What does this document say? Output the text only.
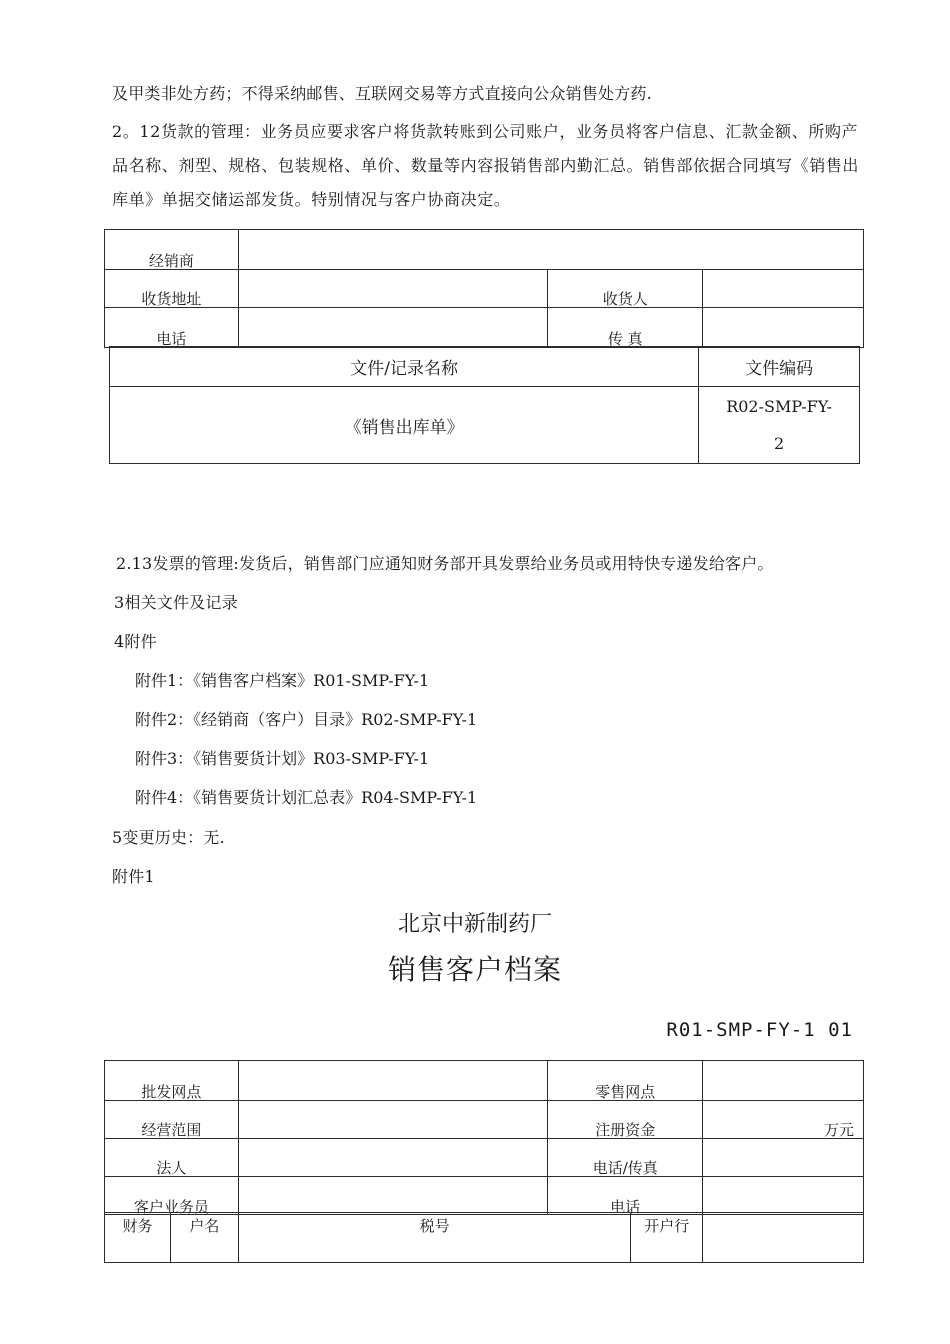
及甲类非处方药；不得采纳邮售、互联网交易等方式直接向公众销售处方药.
2。12货款的管理：业务员应要求客户将货款转账到公司账户，业务员将客户信息、汇款金额、所购产品名称、剂型、规格、包装规格、单价、数量等内容报销售部内勤汇总。销售部依据合同填写《销售出库单》单据交储运部发货。特别情况与客户协商决定。
经销商			
收货地址		收货人	
电话		传 真	
文件/记录名称	文件编码
《销售出库单》	R02-SMP-FY-
2
2.13发票的管理:发货后，销售部门应通知财务部开具发票给业务员或用特快专递发给客户。
3相关文件及记录
4附件
附件1：《销售客户档案》R01-SMP-FY-1
附件2：《经销商（客户）目录》R02-SMP-FY-1
附件3：《销售要货计划》R03-SMP-FY-1
附件4：《销售要货计划汇总表》R04-SMP-FY-1
5变更历史：无.
附件1
北京中新制药厂
销售客户档案
R01-SMP-FY-1 01
批发网点		零售网点	
经营范围		注册资金	万元
法人		电话/传真	
客户业务员		电话	
财务	户名	税号	开户行	
